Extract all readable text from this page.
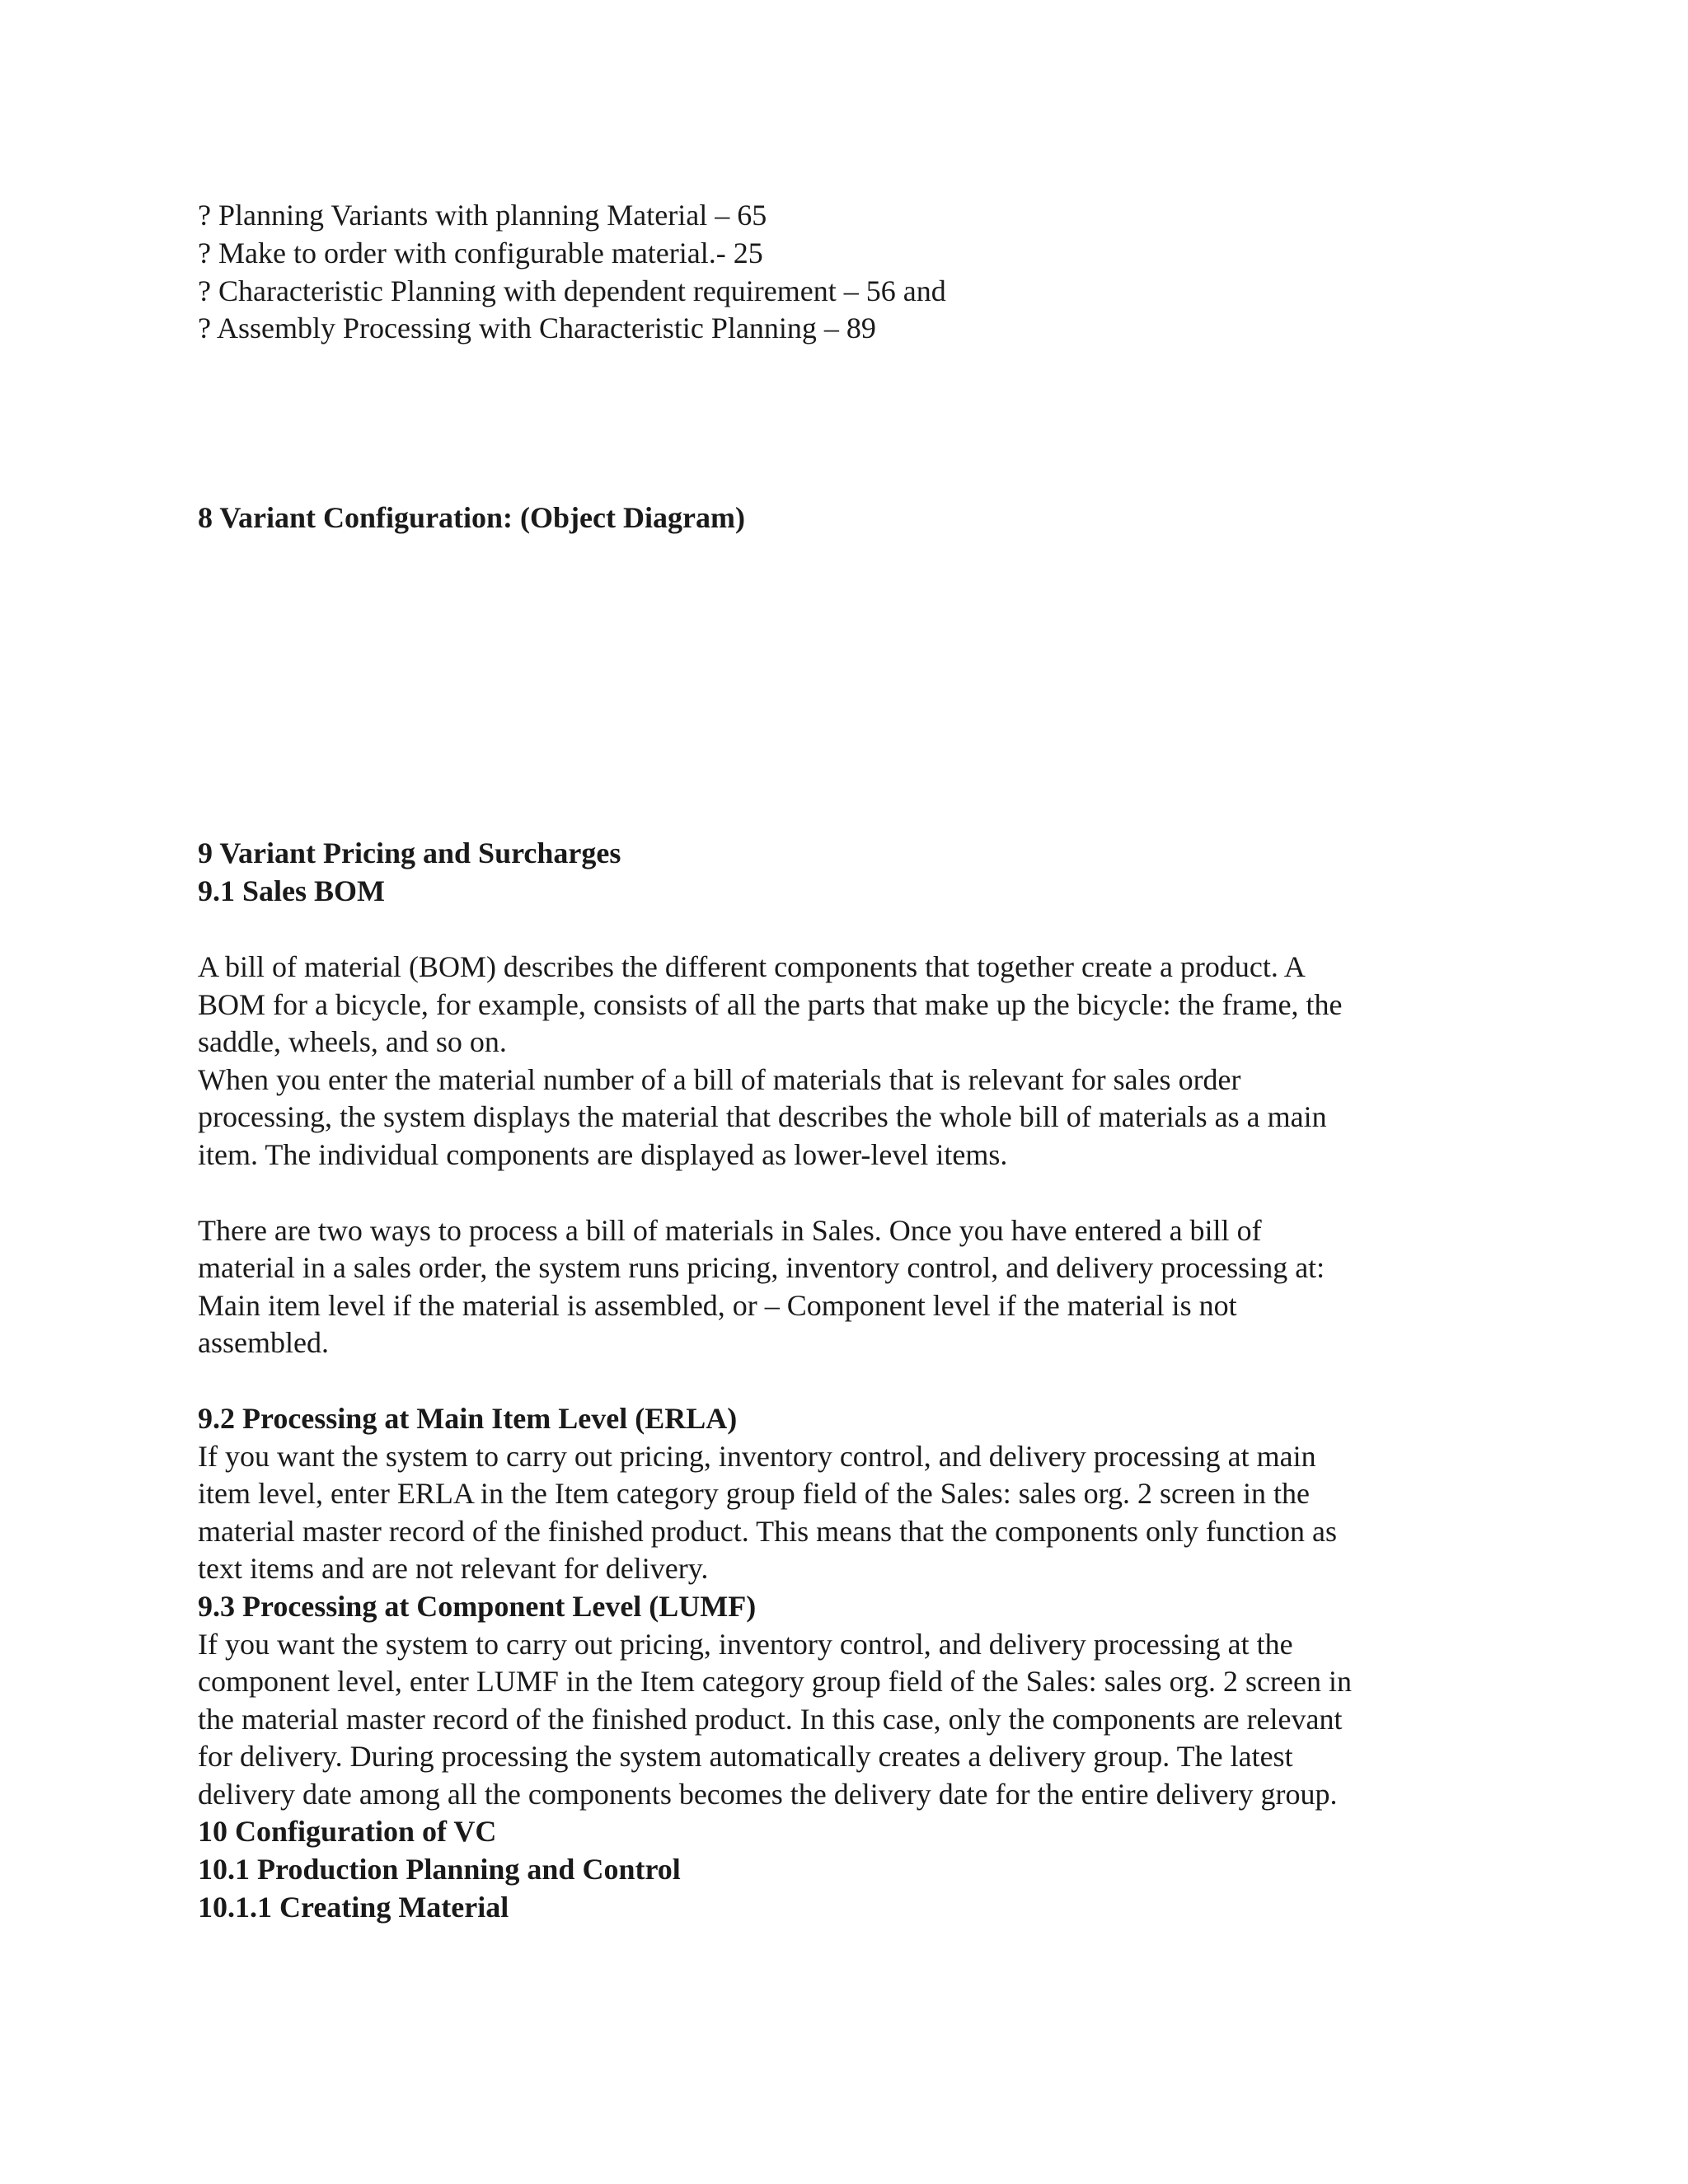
? Planning Variants with planning Material – 65

? Make to order with configurable material.- 25

? Characteristic Planning with dependent requirement – 56 and

? Assembly Processing with Characteristic Planning – 89

8 Variant Configuration: (Object Diagram)

9 Variant Pricing and Surcharges

9.1 Sales BOM

A bill of material (BOM) describes the different components that together create a product. A

BOM for a bicycle, for example, consists of all the parts that make up the bicycle: the frame, the

saddle, wheels, and so on.

When you enter the material number of a bill of materials that is relevant for sales order

processing, the system displays the material that describes the whole bill of materials as a main

item. The individual components are displayed as lower-level items.

There are two ways to process a bill of materials in Sales. Once you have entered a bill of

material in a sales order, the system runs pricing, inventory control, and delivery processing at:

Main item level if the material is assembled, or – Component level if the material is not

assembled.

9.2 Processing at Main Item Level (ERLA)

If you want the system to carry out pricing, inventory control, and delivery processing at main

item level, enter ERLA in the Item category group field of the Sales: sales org. 2 screen in the

material master record of the finished product. This means that the components only function as

text items and are not relevant for delivery.

9.3 Processing at Component Level (LUMF)

If you want the system to carry out pricing, inventory control, and delivery processing at the

component level, enter LUMF in the Item category group field of the Sales: sales org. 2 screen in

the material master record of the finished product. In this case, only the components are relevant

for delivery. During processing the system automatically creates a delivery group. The latest

delivery date among all the components becomes the delivery date for the entire delivery group.

10 Configuration of VC

10.1 Production Planning and Control

10.1.1 Creating Material
